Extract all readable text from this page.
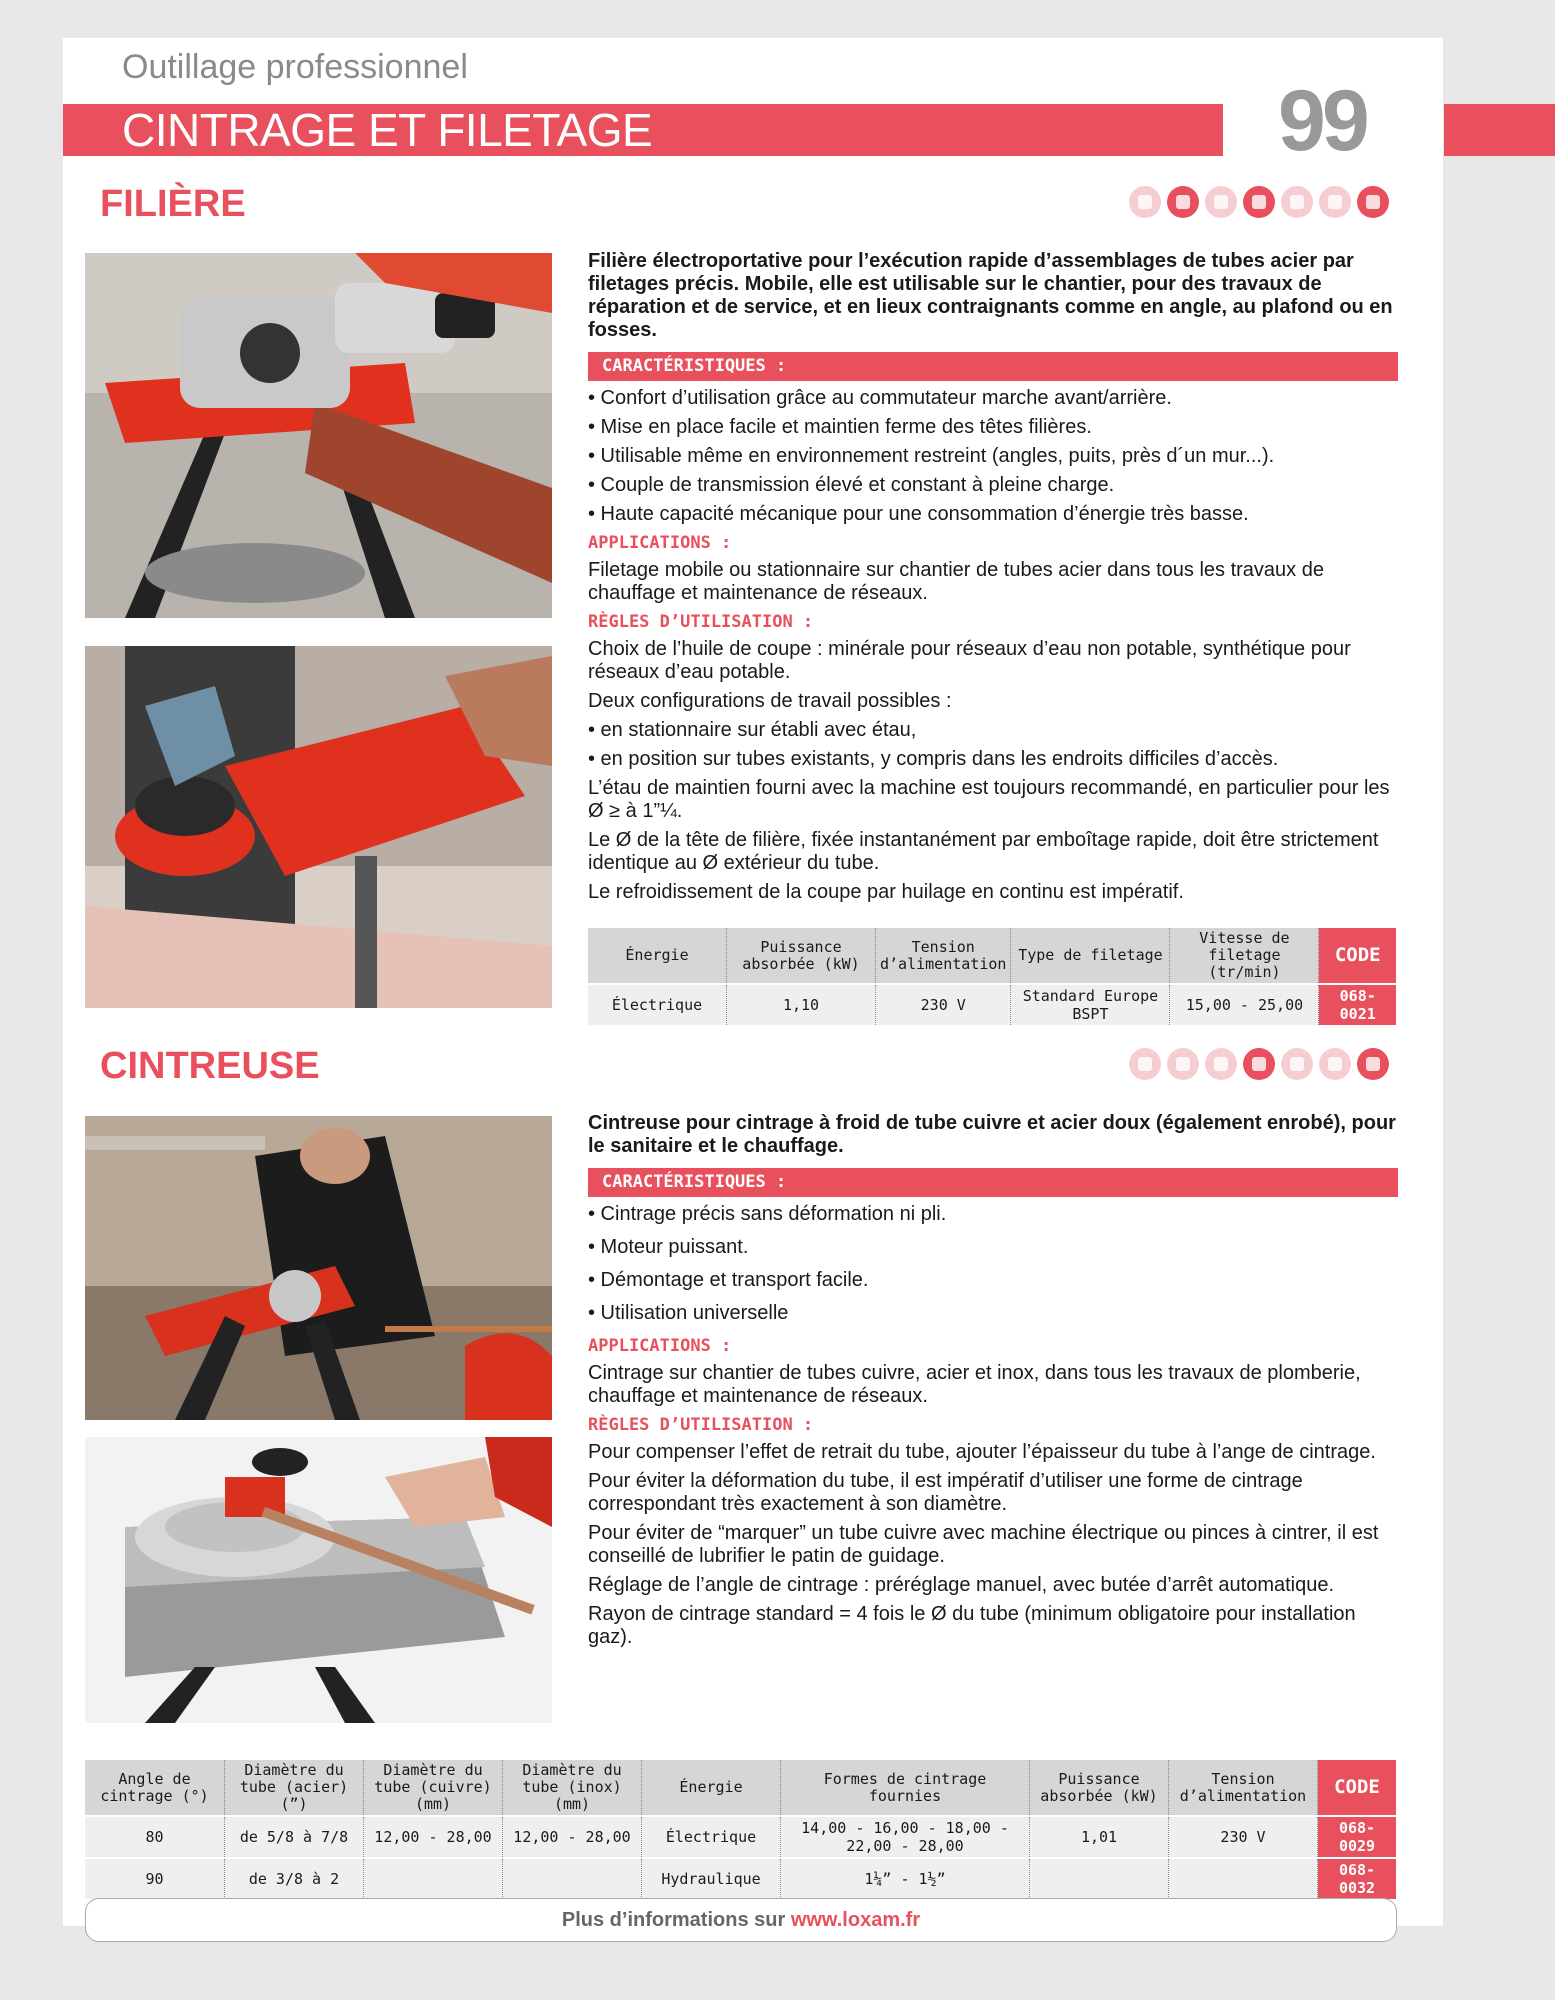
Outillage professionnel
CINTRAGE ET FILETAGE	99
FILIÈRE

Filière électroportative pour l’exécution rapide d’assemblages de tubes acier par filetages précis. Mobile, elle est utilisable sur le chantier, pour des travaux de réparation et de service, et en lieux contraignants comme en angle, au plafond ou en fosses.

CARACTÉRISTIQUES :
• Confort d’utilisation grâce au commutateur marche avant/arrière.
• Mise en place facile et maintien ferme des têtes filières.
• Utilisable même en environnement restreint (angles, puits, près d´un mur...).
• Couple de transmission élevé et constant à pleine charge.
• Haute capacité mécanique pour une consommation d’énergie très basse.
APPLICATIONS :

Filetage mobile ou stationnaire sur chantier de tubes acier dans tous les travaux de chauffage et maintenance de réseaux.

RÈGLES D’UTILISATION :

Choix de l’huile de coupe : minérale pour réseaux d’eau non potable, synthétique pour réseaux d’eau potable.

Deux configurations de travail possibles :

• en stationnaire sur établi avec étau,

• en position sur tubes existants, y compris dans les endroits difficiles d’accès.

L’étau de maintien fourni avec la machine est toujours recommandé, en particulier pour les Ø ≥ à 1”¼.

Le Ø de la tête de filière, fixée instantanément par emboîtage rapide, doit être strictement identique au Ø extérieur du tube.

Le refroidissement de la coupe par huilage en continu est impératif.

Énergie	Puissance absorbée (kW)	Tension d’alimentation	Type de filetage	Vitesse de filetage (tr/min)	CODE
Électrique	1,10	230 V	Standard Europe BSPT	15,00 - 25,00	068-0021
CINTREUSE

Cintreuse pour cintrage à froid de tube cuivre et acier doux (également enrobé), pour le sanitaire et le chauffage.

CARACTÉRISTIQUES :
• Cintrage précis sans déformation ni pli.
• Moteur puissant.
• Démontage et transport facile.
• Utilisation universelle
APPLICATIONS :

Cintrage sur chantier de tubes cuivre, acier et inox, dans tous les travaux de plomberie, chauffage et maintenance de réseaux.

RÈGLES D’UTILISATION :

Pour compenser l’effet de retrait du tube, ajouter l’épaisseur du tube à l’ange de cintrage.

Pour éviter la déformation du tube, il est impératif d’utiliser une forme de cintrage correspondant très exactement à son diamètre.

Pour éviter de “marquer” un tube cuivre avec machine électrique ou pinces à cintrer, il est conseillé de lubrifier le patin de guidage.

Réglage de l’angle de cintrage : préréglage manuel, avec butée d’arrêt automatique.

Rayon de cintrage standard = 4 fois le Ø du tube (minimum obligatoire pour installation gaz).

Angle de cintrage (°)	Diamètre du tube (acier) (”)	Diamètre du tube (cuivre) (mm)	Diamètre du tube (inox) (mm)	Énergie	Formes de cintrage fournies	Puissance absorbée (kW)	Tension d’alimentation	CODE
80	de 5/8 à 7/8	12,00 - 28,00	12,00 - 28,00	Électrique	14,00 - 16,00 - 18,00 - 22,00 - 28,00	1,01	230 V	068-0029
90	de 3/8 à 2			Hydraulique	1¼” - 1½”			068-0032
Plus d’informations sur www.loxam.fr
